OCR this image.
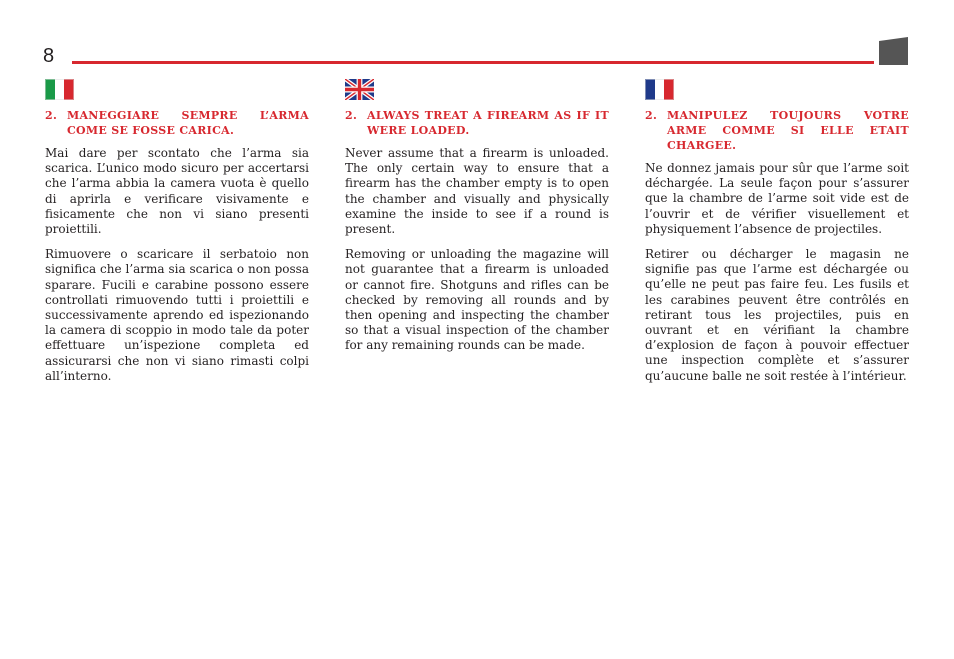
8
2. MANEGGIARE SEMPRE L’ARMA COME SE FOSSE CARICA.

Mai dare per scontato che l’arma sia scarica. L’unico modo sicuro per accertarsi che l’arma abbia la camera vuota è quello di aprirla e verificare visivamente e fisicamente che non vi siano presenti proiettili.

Rimuovere o scaricare il serbatoio non significa che l’arma sia scarica o non possa sparare. Fucili e carabine possono essere controllati rimuovendo tutti i proiettili e successivamente aprendo ed ispezionando la camera di scoppio in modo tale da poter effettuare un’ispezione completa ed assicurarsi che non vi siano rimasti colpi all’interno.

2. ALWAYS TREAT A FIREARM AS IF IT WERE LOADED.

Never assume that a firearm is unloaded. The only certain way to ensure that a firearm has the chamber empty is to open the chamber and visually and physically examine the inside to see if a round is present.

Removing or unloading the magazine will not guarantee that a firearm is unloaded or cannot fire. Shotguns and rifles can be checked by removing all rounds and by then opening and inspecting the chamber so that a visual inspection of the chamber for any remaining rounds can be made.

2. MANIPULEZ TOUJOURS VOTRE ARME COMME SI ELLE ETAIT CHARGEE.

Ne donnez jamais pour sûr que l’arme soit déchargée. La seule façon pour s’assurer que la chambre de l’arme soit vide est de l’ouvrir et de vérifier visuellement et physiquement l’absence de projectiles.

Retirer ou décharger le magasin ne signifie pas que l’arme est déchargée ou qu’elle ne peut pas faire feu. Les fusils et les carabines peuvent être contrôlés en retirant tous les projectiles, puis en ouvrant et en vérifiant la chambre d’explosion de façon à pouvoir effectuer une inspection complète et s’assurer qu’aucune balle ne soit restée à l’intérieur.
